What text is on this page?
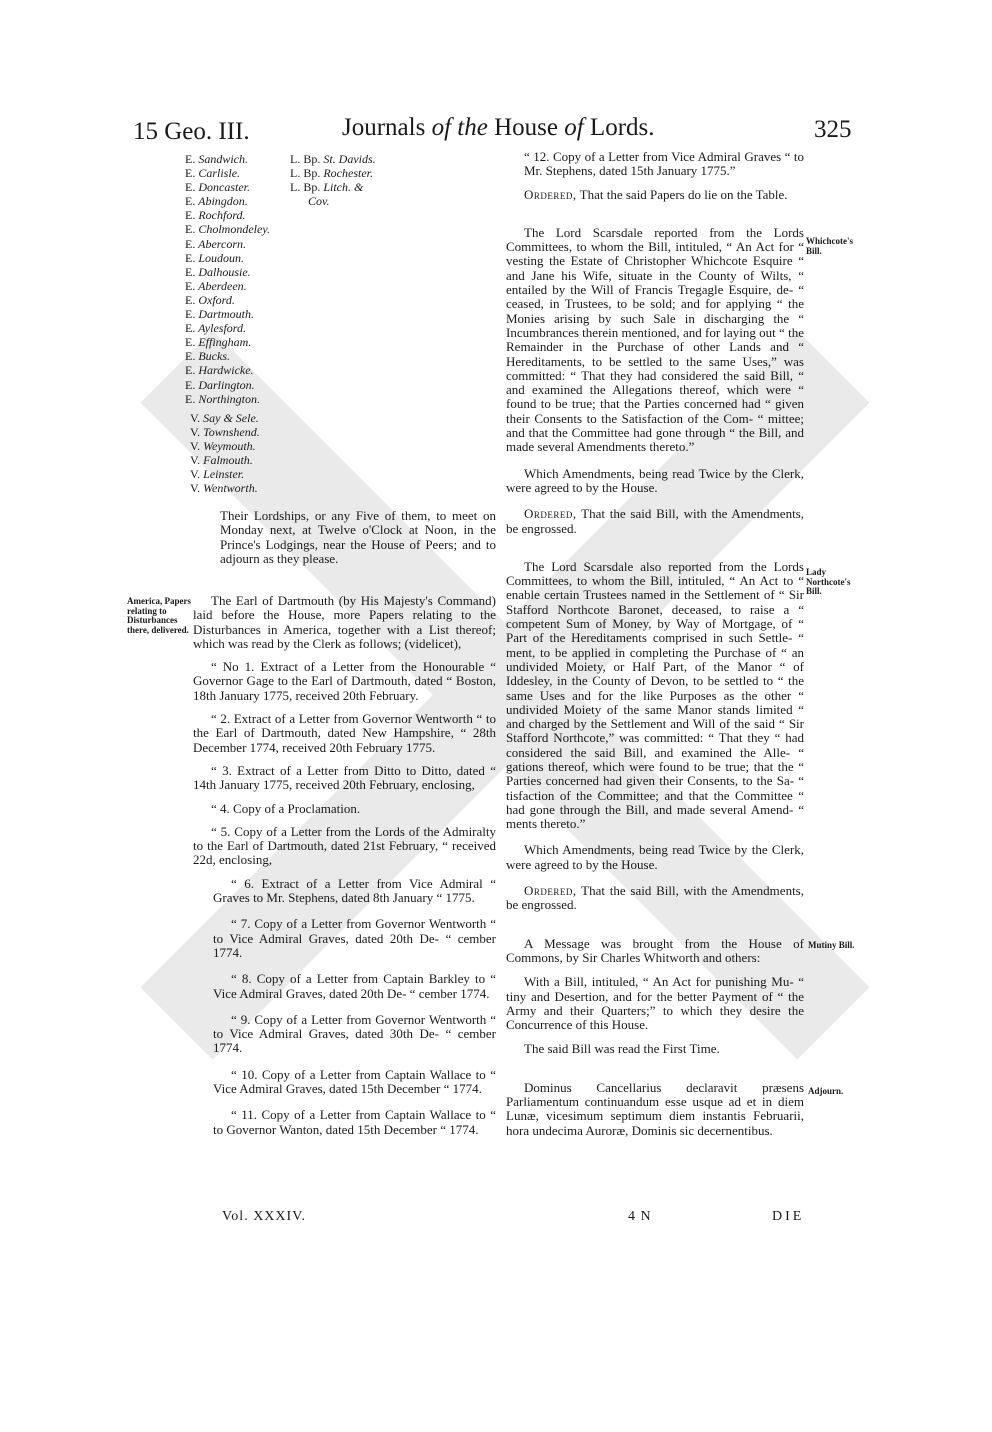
15 Geo. III.	Journals of the House of Lords.	325
E. Sandwich.
E. Carlisle.
E. Doncaster.
E. Abingdon.
E. Rochford.
E. Cholmondeley.
E. Abercorn.
E. Loudoun.
E. Dalhousie.
E. Aberdeen.
E. Oxford.
E. Dartmouth.
E. Aylesford.
E. Effingham.
E. Bucks.
E. Hardwicke.
E. Darlington.
E. Northington.
V. Say & Sele.
V. Townshend.
V. Weymouth.
V. Falmouth.
V. Leinster.
V. Wentworth.
L. Bp. St. Davids.
L. Bp. Rochester.
L. Bp. Litch. &
Cov.

Their Lordships, or any Five of them, to meet on Monday next, at Twelve o'Clock at Noon, in the Prince's Lodgings, near the House of Peers; and to adjourn as they please.

America, Papers relating to Disturbances there, delivered.
Whichcote's Bill.
Lady Northcote's Bill.
Mutiny Bill.
Adjourn.

The Earl of Dartmouth (by His Majesty's Command) laid before the House, more Papers relating to the Disturbances in America, together with a List thereof; which was read by the Clerk as follows; (videlicet),

“ No 1. Extract of a Letter from the Honourable “ Governor Gage to the Earl of Dartmouth, dated “ Boston, 18th January 1775, received 20th February.

“ 2. Extract of a Letter from Governor Wentworth “ to the Earl of Dartmouth, dated New Hampshire, “ 28th December 1774, received 20th February 1775.

“ 3. Extract of a Letter from Ditto to Ditto, dated “ 14th January 1775, received 20th February, enclosing,

“ 4. Copy of a Proclamation.

“ 5. Copy of a Letter from the Lords of the Admiralty to the Earl of Dartmouth, dated 21st February, “ received 22d, enclosing,

“ 6. Extract of a Letter from Vice Admiral “ Graves to Mr. Stephens, dated 8th January “ 1775.

“ 7. Copy of a Letter from Governor Wentworth “ to Vice Admiral Graves, dated 20th De- “ cember 1774.

“ 8. Copy of a Letter from Captain Barkley to “ Vice Admiral Graves, dated 20th De- “ cember 1774.

“ 9. Copy of a Letter from Governor Wentworth “ to Vice Admiral Graves, dated 30th De- “ cember 1774.

“ 10. Copy of a Letter from Captain Wallace to “ Vice Admiral Graves, dated 15th December “ 1774.

“ 11. Copy of a Letter from Captain Wallace to “ to Governor Wanton, dated 15th December “ 1774.

“ 12. Copy of a Letter from Vice Admiral Graves “ to Mr. Stephens, dated 15th January 1775.”

Ordered, That the said Papers do lie on the Table.

The Lord Scarsdale reported from the Lords Committees, to whom the Bill, intituled, “ An Act for “ vesting the Estate of Christopher Whichcote Esquire “ and Jane his Wife, situate in the County of Wilts, “ entailed by the Will of Francis Tregagle Esquire, de- “ ceased, in Trustees, to be sold; and for applying “ the Monies arising by such Sale in discharging the “ Incumbrances therein mentioned, and for laying out “ the Remainder in the Purchase of other Lands and “ Hereditaments, to be settled to the same Uses,” was committed: “ That they had considered the said Bill, “ and examined the Allegations thereof, which were “ found to be true; that the Parties concerned had “ given their Consents to the Satisfaction of the Com- “ mittee; and that the Committee had gone through “ the Bill, and made several Amendments thereto.”

Which Amendments, being read Twice by the Clerk, were agreed to by the House.

Ordered, That the said Bill, with the Amendments, be engrossed.

The Lord Scarsdale also reported from the Lords Committees, to whom the Bill, intituled, “ An Act to “ enable certain Trustees named in the Settlement of “ Sir Stafford Northcote Baronet, deceased, to raise a “ competent Sum of Money, by Way of Mortgage, of “ Part of the Hereditaments comprised in such Settle- “ ment, to be applied in completing the Purchase of “ an undivided Moiety, or Half Part, of the Manor “ of Iddesley, in the County of Devon, to be settled to “ the same Uses and for the like Purposes as the other “ undivided Moiety of the same Manor stands limited “ and charged by the Settlement and Will of the said “ Sir Stafford Northcote,” was committed: “ That they “ had considered the said Bill, and examined the Alle- “ gations thereof, which were found to be true; that the “ Parties concerned had given their Consents, to the Sa- “ tisfaction of the Committee; and that the Committee “ had gone through the Bill, and made several Amend- “ ments thereto.”

Which Amendments, being read Twice by the Clerk, were agreed to by the House.

Ordered, That the said Bill, with the Amendments, be engrossed.

A Message was brought from the House of Commons, by Sir Charles Whitworth and others:

With a Bill, intituled, “ An Act for punishing Mu- “ tiny and Desertion, and for the better Payment of “ the Army and their Quarters;” to which they desire the Concurrence of this House.

The said Bill was read the First Time.

Dominus Cancellarius declaravit præsens Parliamentum continuandum esse usque ad et in diem Lunæ, vicesimum septimum diem instantis Februarii, hora undecima Auroræ, Dominis sic decernentibus.

Vol. XXXIV.	4 N	DIE
